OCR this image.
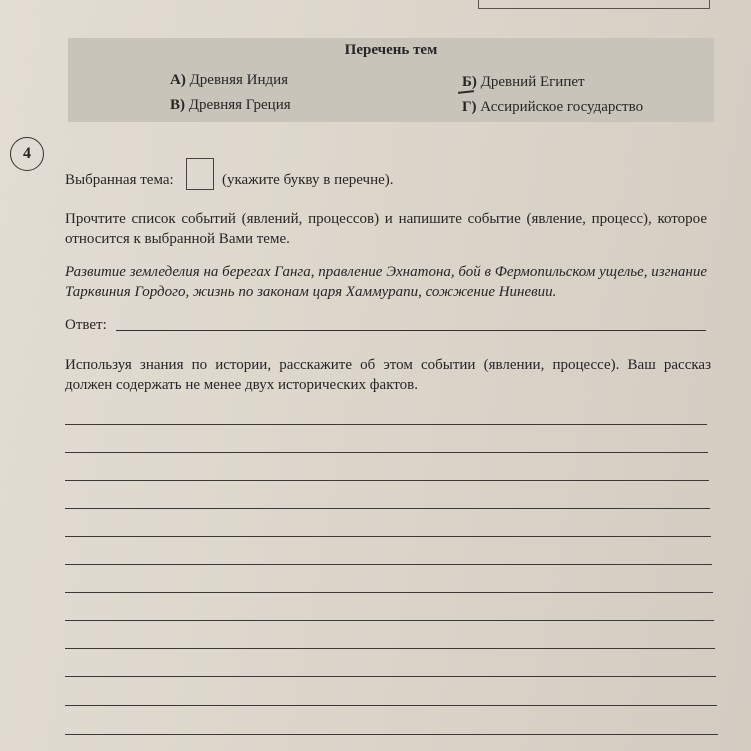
Перечень тем
А) Древняя Индия	Б) Древний Египет
В) Древняя Греция	Г) Ассирийское государство
4
Выбранная тема:	(укажите букву в перечне).
Прочтите список событий (явлений, процессов) и напишите событие (явление, процесс), которое относится к выбранной Вами теме.
Развитие земледелия на берегах Ганга, правление Эхнатона, бой в Фермопильском ущелье, изгнание Тарквиния Гордого, жизнь по законам царя Хаммурапи, сожжение Ниневии.
Ответ:
Используя знания по истории, расскажите об этом событии (явлении, процессе). Ваш рассказ должен содержать не менее двух исторических фактов.
